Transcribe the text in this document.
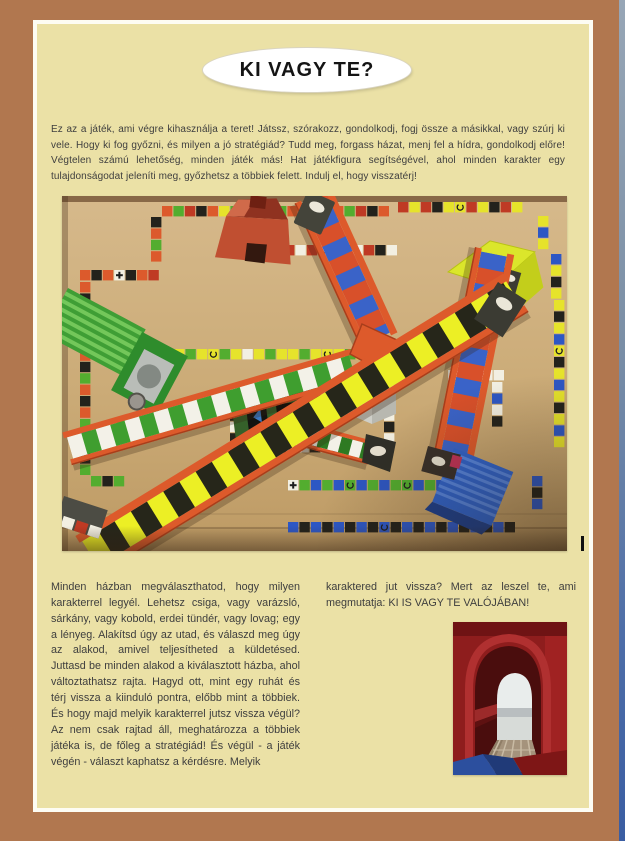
KI VAGY TE?

Ez az a játék, ami végre kihasználja a teret! Játssz, szórakozz, gondolkodj, fogj össze a másikkal, vagy szúrj ki vele. Hogy ki fog győzni, és milyen a jó stratégiád? Tudd meg, forgass házat, menj fel a hídra, gondolkodj előre! Végtelen számú lehetőség, minden játék más! Hat játékfigura segítségével, ahol minden karakter egy tulajdonságodat jeleníti meg, győzhetsz a többiek felett. Indulj el, hogy visszatérj!

Minden házban megválaszthatod, hogy milyen karakterrel legyél. Lehetsz csiga, vagy varázsló, sárkány, vagy kobold, erdei tündér, vagy lovag; egy a lényeg. Alakítsd úgy az utad, és válaszd meg úgy az alakod, amivel teljesítheted a küldetésed. Juttasd be minden alakod a kiválasztott házba, ahol változtathatsz rajta. Hagyd ott, mint egy ruhát és térj vissza a kiinduló pontra, előbb mint a többiek. És hogy majd melyik karakterrel jutsz vissza végül? Az nem csak rajtad áll, meghatározza a többiek játéka is, de főleg a stratégiád! És végül - a játék végén - választ kaphatsz a kérdésre. Melyik

karaktered jut vissza? Mert az leszel te, ami megmutatja: KI IS VAGY TE VALÓJÁBAN!
